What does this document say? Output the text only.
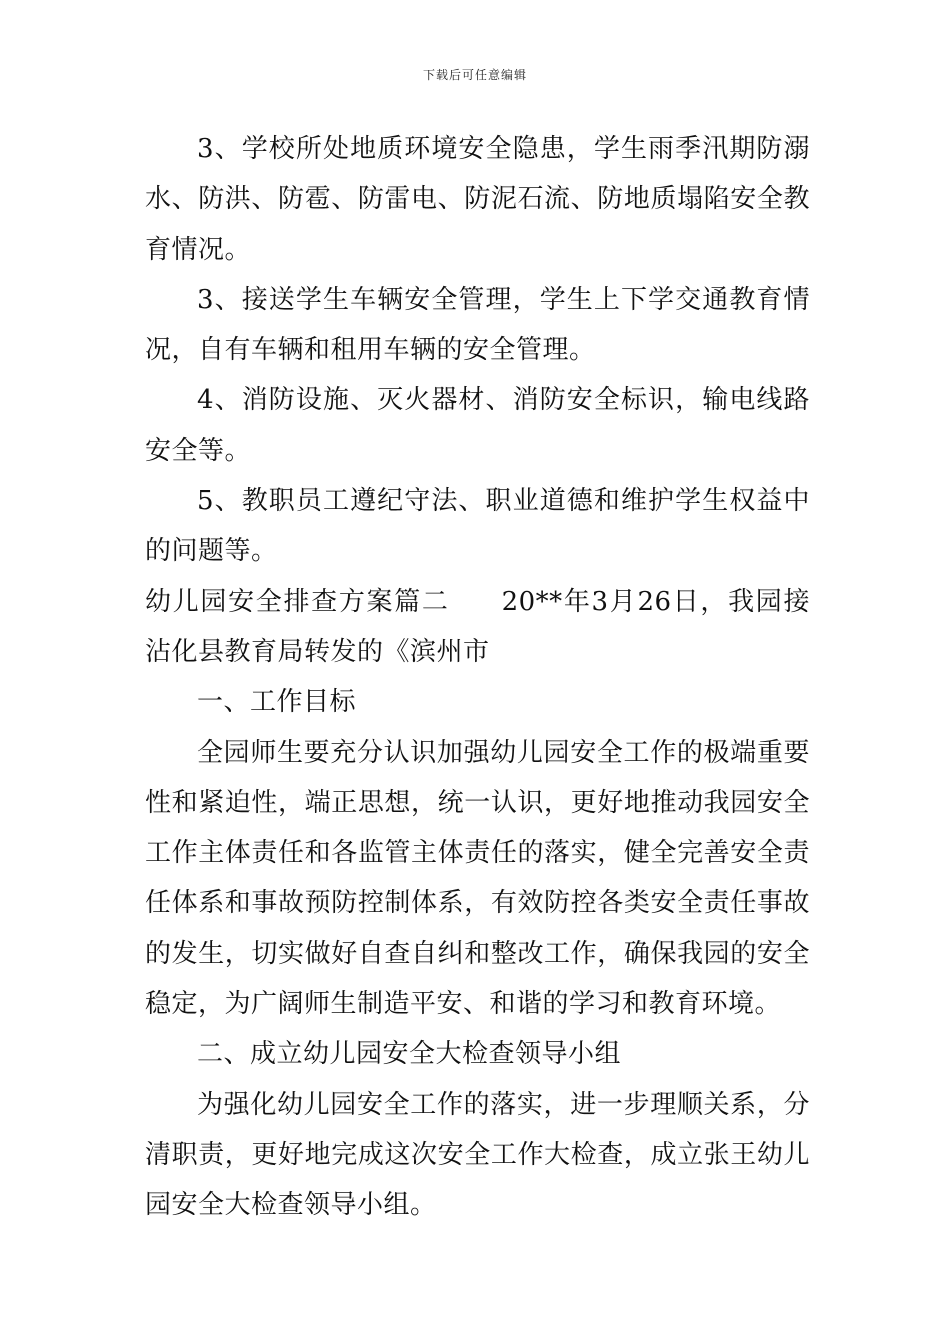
下载后可任意编辑

3、学校所处地质环境安全隐患，学生雨季汛期防溺水、防洪、防雹、防雷电、防泥石流、防地质塌陷安全教育情况。

3、接送学生车辆安全管理，学生上下学交通教育情况，自有车辆和租用车辆的安全管理。

4、消防设施、灭火器材、消防安全标识，输电线路安全等。

5、教职员工遵纪守法、职业道德和维护学生权益中的问题等。

幼儿园安全排查方案篇二 20**年3月26日，我园接沾化县教育局转发的《滨州市

一、工作目标

全园师生要充分认识加强幼儿园安全工作的极端重要性和紧迫性，端正思想，统一认识，更好地推动我园安全工作主体责任和各监管主体责任的落实，健全完善安全责任体系和事故预防控制体系，有效防控各类安全责任事故的发生，切实做好自查自纠和整改工作，确保我园的安全稳定，为广阔师生制造平安、和谐的学习和教育环境。

二、成立幼儿园安全大检查领导小组

为强化幼儿园安全工作的落实，进一步理顺关系，分清职责，更好地完成这次安全工作大检查，成立张王幼儿园安全大检查领导小组。
